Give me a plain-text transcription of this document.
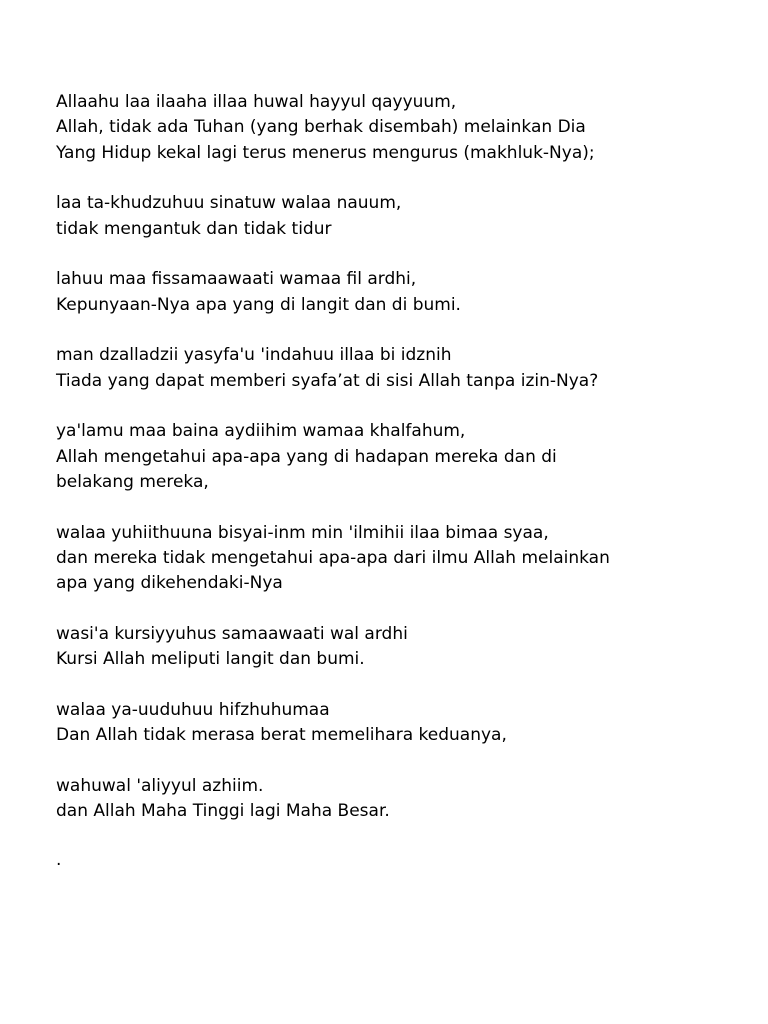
Allaahu laa ilaaha illaa huwal hayyul qayyuum,
Allah, tidak ada Tuhan (yang berhak disembah) melainkan Dia
Yang Hidup kekal lagi terus menerus mengurus (makhluk-Nya);
laa ta-khudzuhuu sinatuw walaa nauum,
tidak mengantuk dan tidak tidur
lahuu maa fissamaawaati wamaa fil ardhi,
Kepunyaan-Nya apa yang di langit dan di bumi.
man dzalladzii yasyfa'u 'indahuu illaa bi idznih
Tiada yang dapat memberi syafa’at di sisi Allah tanpa izin-Nya?
ya'lamu maa baina aydiihim wamaa khalfahum,
Allah mengetahui apa-apa yang di hadapan mereka dan di
belakang mereka,
walaa yuhiithuuna bisyai-inm min 'ilmihii ilaa bimaa syaa,
dan mereka tidak mengetahui apa-apa dari ilmu Allah melainkan
apa yang dikehendaki-Nya
wasi'a kursiyyuhus samaawaati wal ardhi
Kursi Allah meliputi langit dan bumi.
walaa ya-uuduhuu hifzhuhumaa
Dan Allah tidak merasa berat memelihara keduanya,
wahuwal 'aliyyul azhiim.
dan Allah Maha Tinggi lagi Maha Besar.
.
